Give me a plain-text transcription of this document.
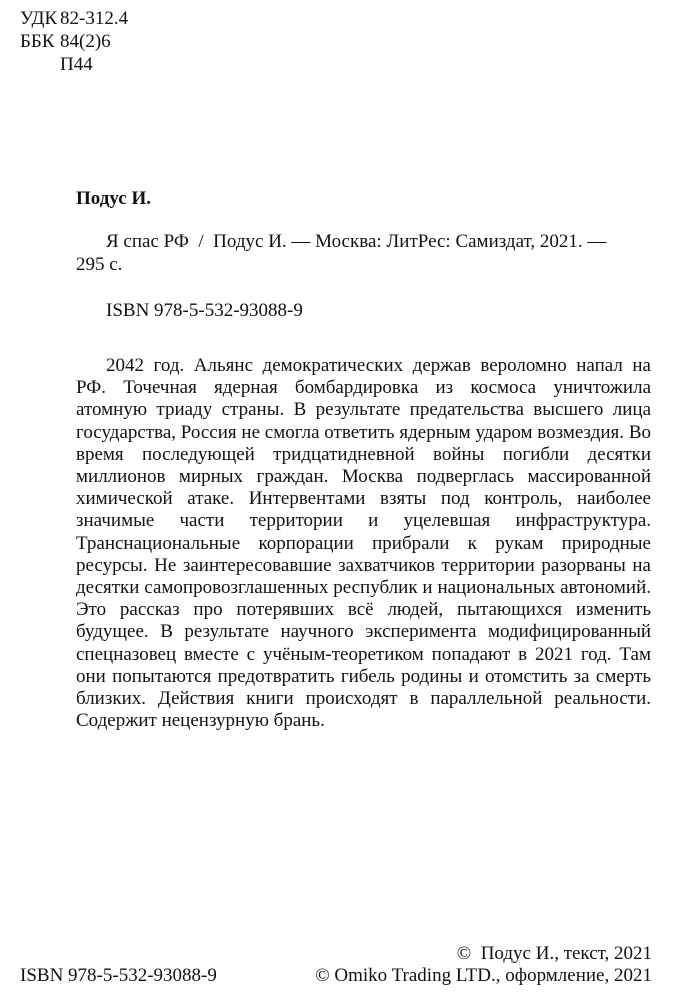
УДК 82-312.4
ББК 84(2)6
П44
Подус И.
Я спас РФ  /  Подус И. — Москва: ЛитРес: Самиздат, 2021. —
295 с.
ISBN 978-5-532-93088-9
2042 год. Альянс демократических держав вероломно напал на РФ. Точечная ядерная бомбардировка из космоса уничтожила атомную триаду страны. В результате предательства высшего лица государства, Россия не смогла ответить ядерным ударом возмездия. Во время последующей тридцатидневной войны погибли десятки миллионов мирных граждан. Москва подверглась массированной химической атаке. Интервентами взяты под контроль, наиболее значимые части территории и уцелевшая инфраструктура. Транснациональные корпорации прибрали к рукам природные ресурсы. Не заинтересовавшие захватчиков территории разорваны на десятки самопровозглашенных республик и национальных автономий. Это рассказ про потерявших всё людей, пытающихся изменить будущее. В результате научного эксперимента модифицированный спецназовец вместе с учёным-теоретиком попадают в 2021 год. Там они попытаются предотвратить гибель родины и отомстить за смерть близких. Действия книги происходят в параллельной реальности. Содержит нецензурную брань.
ISBN 978-5-532-93088-9
©  Подус И., текст, 2021
© Omiko Trading LTD., оформление, 2021
